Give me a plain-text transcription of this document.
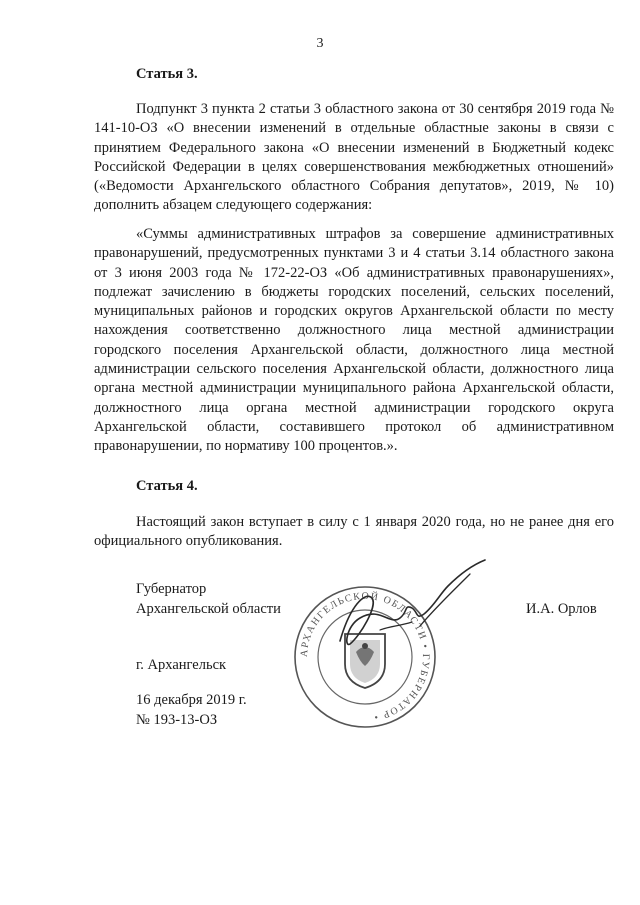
3
Статья 3.

Подпункт 3 пункта 2 статьи 3 областного закона от 30 сентября 2019 года № 141-10-ОЗ «О внесении изменений в отдельные областные законы в связи с принятием Федерального закона «О внесении изменений в Бюджетный кодекс Российской Федерации в целях совершенствования межбюджетных отношений» («Ведомости Архангельского областного Собрания депутатов», 2019, № 10) дополнить абзацем следующего содержания:

«Суммы административных штрафов за совершение административных правонарушений, предусмотренных пунктами 3 и 4 статьи 3.14 областного закона от 3 июня 2003 года № 172-22-ОЗ «Об административных правонарушениях», подлежат зачислению в бюджеты городских поселений, сельских поселений, муниципальных районов и городских округов Архангельской области по месту нахождения соответственно должностного лица местной администрации городского поселения Архангельской области, должностного лица местной администрации сельского поселения Архангельской области, должностного лица органа местной администрации муниципального района Архангельской области, должностного лица органа местной администрации городского округа Архангельской области, составившего протокол об административном правонарушении, по нормативу 100 процентов.».

Статья 4.

Настоящий закон вступает в силу с 1 января 2020 года, но не ранее дня его официального опубликования.

АРХАНГЕЛЬСКОЙ ОБЛАСТИ • ГУБЕРНАТОР •
Губернатор
Архангельской области	И.А. Орлов
г. Архангельск
16 декабря 2019 г.
№ 193-13-ОЗ
